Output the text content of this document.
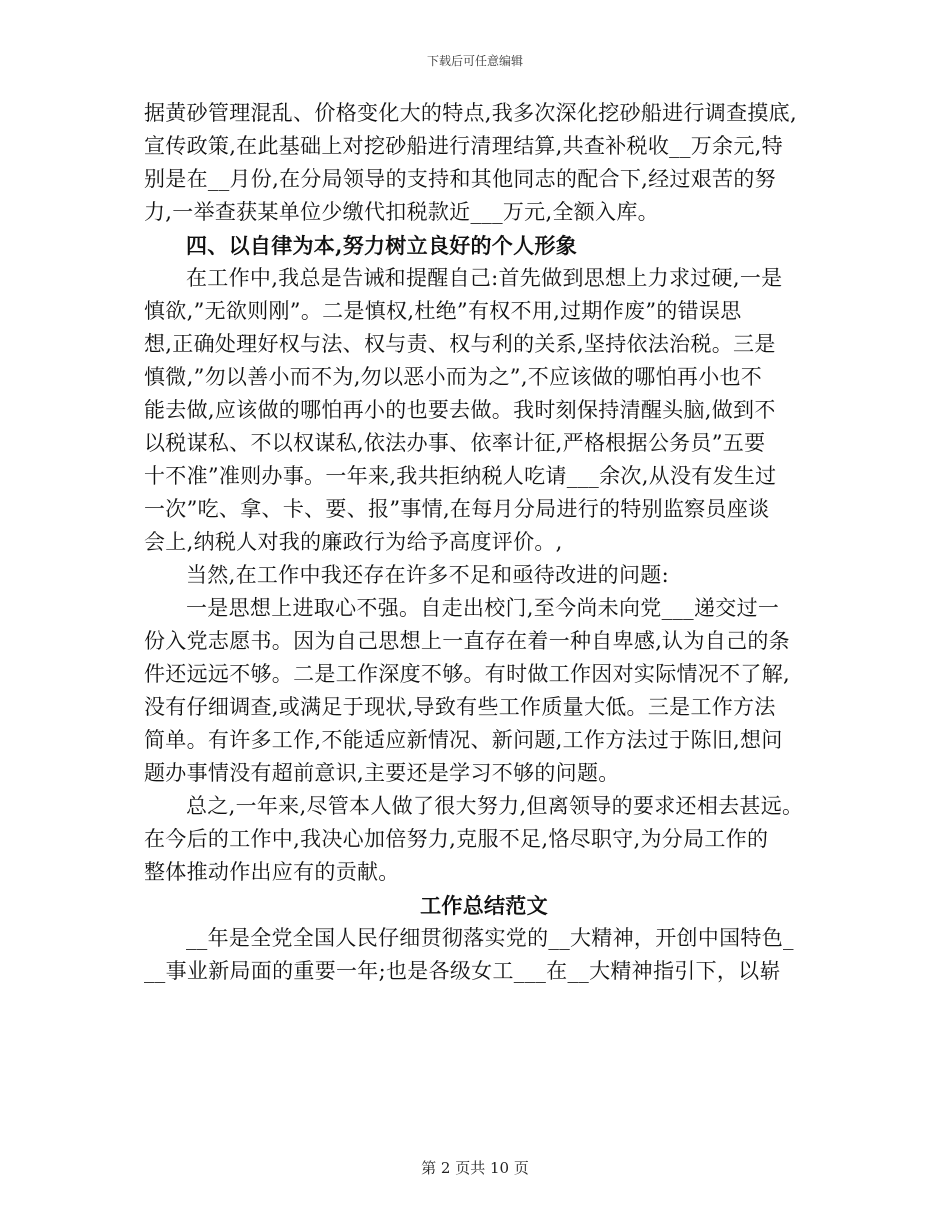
下载后可任意编辑
据黄砂管理混乱、价格变化大的特点,我多次深化挖砂船进行调查摸底,
宣传政策,在此基础上对挖砂船进行清理结算,共查补税收__万余元,特
别是在__月份,在分局领导的支持和其他同志的配合下,经过艰苦的努
力,一举查获某单位少缴代扣税款近___万元,全额入库。
四、以自律为本,努力树立良好的个人形象
在工作中,我总是告诫和提醒自己:首先做到思想上力求过硬,一是
慎欲,”无欲则刚”。二是慎权,杜绝”有权不用,过期作废”的错误思
想,正确处理好权与法、权与责、权与利的关系,坚持依法治税。三是
慎微,”勿以善小而不为,勿以恶小而为之”,不应该做的哪怕再小也不
能去做,应该做的哪怕再小的也要去做。我时刻保持清醒头脑,做到不
以税谋私、不以权谋私,依法办事、依率计征,严格根据公务员”五要
十不准”准则办事。一年来,我共拒纳税人吃请___余次,从没有发生过
一次”吃、拿、卡、要、报”事情,在每月分局进行的特别监察员座谈
会上,纳税人对我的廉政行为给予高度评价。,
当然,在工作中我还存在许多不足和亟待改进的问题:
一是思想上进取心不强。自走出校门,至今尚未向党___递交过一
份入党志愿书。因为自己思想上一直存在着一种自卑感,认为自己的条
件还远远不够。二是工作深度不够。有时做工作因对实际情况不了解,
没有仔细调查,或满足于现状,导致有些工作质量大低。三是工作方法
简单。有许多工作,不能适应新情况、新问题,工作方法过于陈旧,想问
题办事情没有超前意识,主要还是学习不够的问题。
总之,一年来,尽管本人做了很大努力,但离领导的要求还相去甚远。
在今后的工作中,我决心加倍努力,克服不足,恪尽职守,为分局工作的
整体推动作出应有的贡献。
工作总结范文
__年是全党全国人民仔细贯彻落实党的__大精神，开创中国特色_
__事业新局面的重要一年;也是各级女工___在__大精神指引下，以崭
第 2 页共 10 页
